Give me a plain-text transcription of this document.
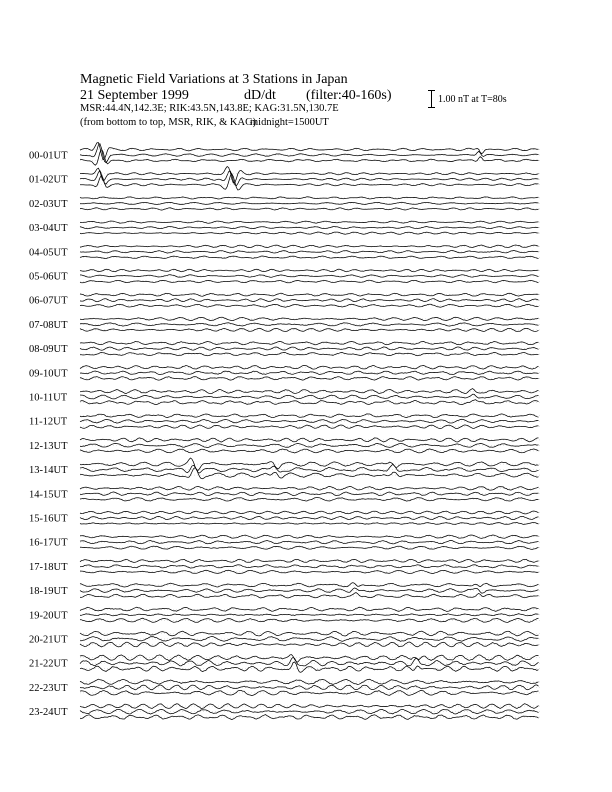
00-01UT
01-02UT
02-03UT
03-04UT
04-05UT
05-06UT
06-07UT
07-08UT
08-09UT
09-10UT
10-11UT
11-12UT
12-13UT
13-14UT
14-15UT
15-16UT
16-17UT
17-18UT
18-19UT
19-20UT
20-21UT
21-22UT
22-23UT
23-24UT
Magnetic Field Variations at 3 Stations in Japan
21 September 1999	dD/dt (filter:40-160s)
MSR:44.4N,142.3E; RIK:43.5N,143.8E; KAG:31.5N,130.7E
(from bottom to top, MSR, RIK, & KAG)
midnight=1500UT
1.00 nT at T=80s
